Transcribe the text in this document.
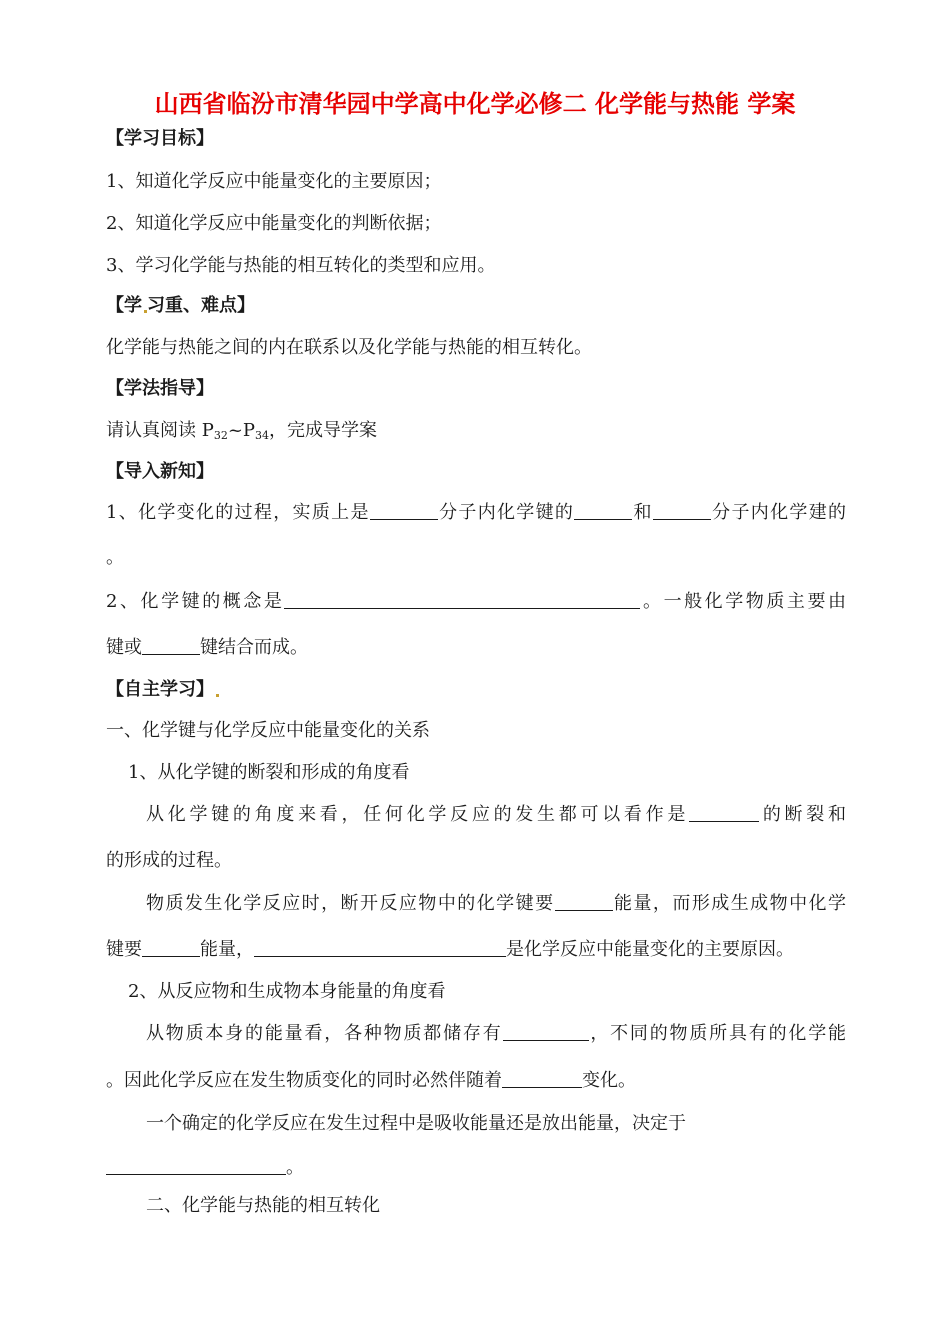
山西省临汾市清华园中学高中化学必修二 化学能与热能 学案
【学习目标】
1、知道化学反应中能量变化的主要原因；
2、知道化学反应中能量变化的判断依据；
3、学习化学能与热能的相互转化的类型和应用。
【学 习重、难点】
化学能与热能之间的内在联系以及化学能与热能的相互转化。
【学法指导】
请认真阅读 $P_{32}\sim P_{34}$，完成导学案
【导入新知】
1、化学变化的过程，实质上是	分子内化学键的	和	分子内化学建的
。
2、化学键的概念是	。一般化学物质主要由
键或	键结合而成。
【自主学习】
一、化学键与化学反应中能量变化的关系
1、从化学键的断裂和形成的角度看
从化学键的角度来看，任何化学反应的发生都可以看作是	的断裂和
的形成的过程。
物质发生化学反应时，断开反应物中的化学键要	能量，而形成生成物中化学
键要	能量，	是化学反应中能量变化的主要原因。
2、从反应物和生成物本身能量的角度看
从物质本身的能量看，各种物质都储存有	，不同的物质所具有的化学能
。因此化学反应在发生物质变化的同时必然伴随着	变化。
一个确定的化学反应在发生过程中是吸收能量还是放出能量，决定于
。
二、化学能与热能的相互转化
